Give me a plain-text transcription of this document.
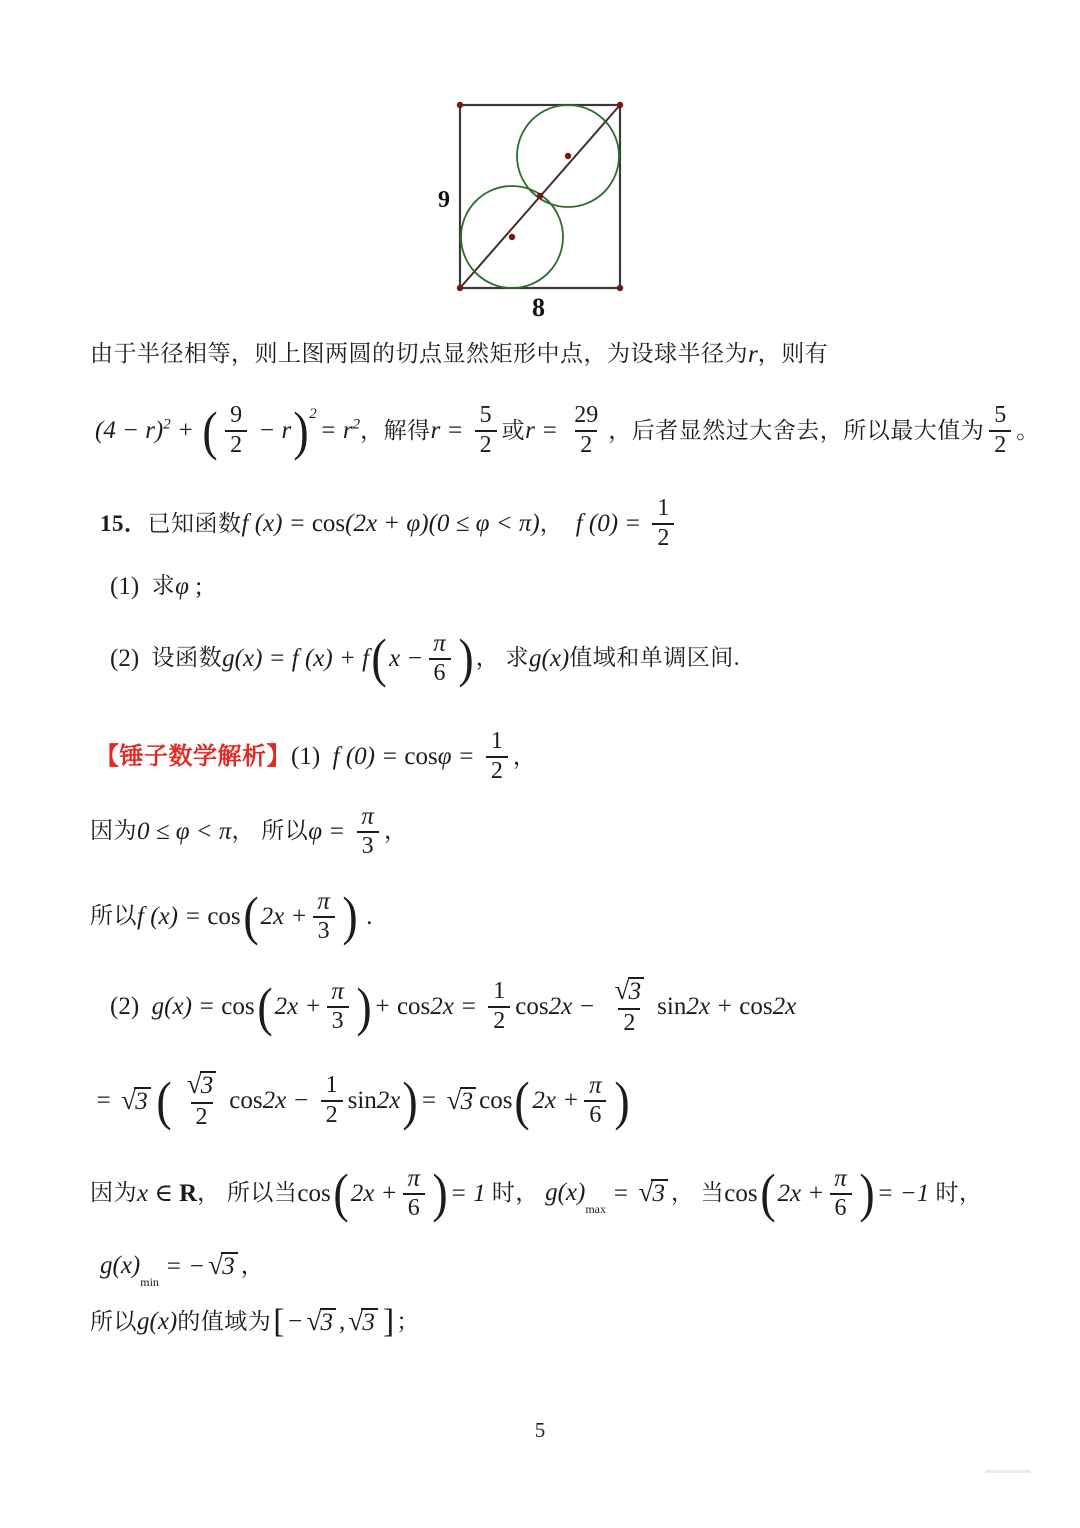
9
8
由于半径相等，则上图两圆的切点显然矩形中点，为设球半径为 r ，则有
$(4 - r)^2$ + ( $\frac{9}{2} - r$ ) 2
= $r^2$ ， 解得 $r = \frac{5}{2}$ 或 $r = \frac{29}{2}$ ， 后者显然过大舍去，所以最大值为 $\frac{5}{2}$ 。
15． 已知函数 f (x) = cos (2x + φ)(0 ≤ φ < π) ， f $(0) = \frac{1}{2}$
(1) 求 φ ;
(2) 设函数 g(x) = f (x) + f ( $x - \frac{\pi}{6}$ ) ， 求 g(x) 值域和单调区间.
【锤子数学解析】 (1) f $(0) = \cos \varphi = \frac{1}{2}$ ，
因为 0 ≤ φ < π ， 所以 $\varphi = \frac{\pi}{3}$ ，
所以 f (x) = cos ( $2x + \frac{\pi}{3}$ ) .
(2) g(x) = cos ( $2x + \frac{\pi}{3}$ ) + $\cos 2x = \frac{1}{2}$ cos 2x − √ $\frac{3}{2}$ sin 2x + cos 2x
= √ 3 ( √ $\frac{3}{2}$ $\cos 2x - \frac{1}{2}$ sin 2x ) = √ 3 cos ( $2x + \frac{\pi}{6}$ )
因为 x ∈ R ， 所以当 cos ( $2x + \frac{\pi}{6}$ ) = 1 时， $g(x)_{max}$
= √ 3 ， 当 cos ( $2x + \frac{\pi}{6}$ ) = −1 时，
$g(x)_{min}$
= − √ 3 ，
所以 g(x) 的值域为 [ − √ 3 , √ 3 ] ；
5
